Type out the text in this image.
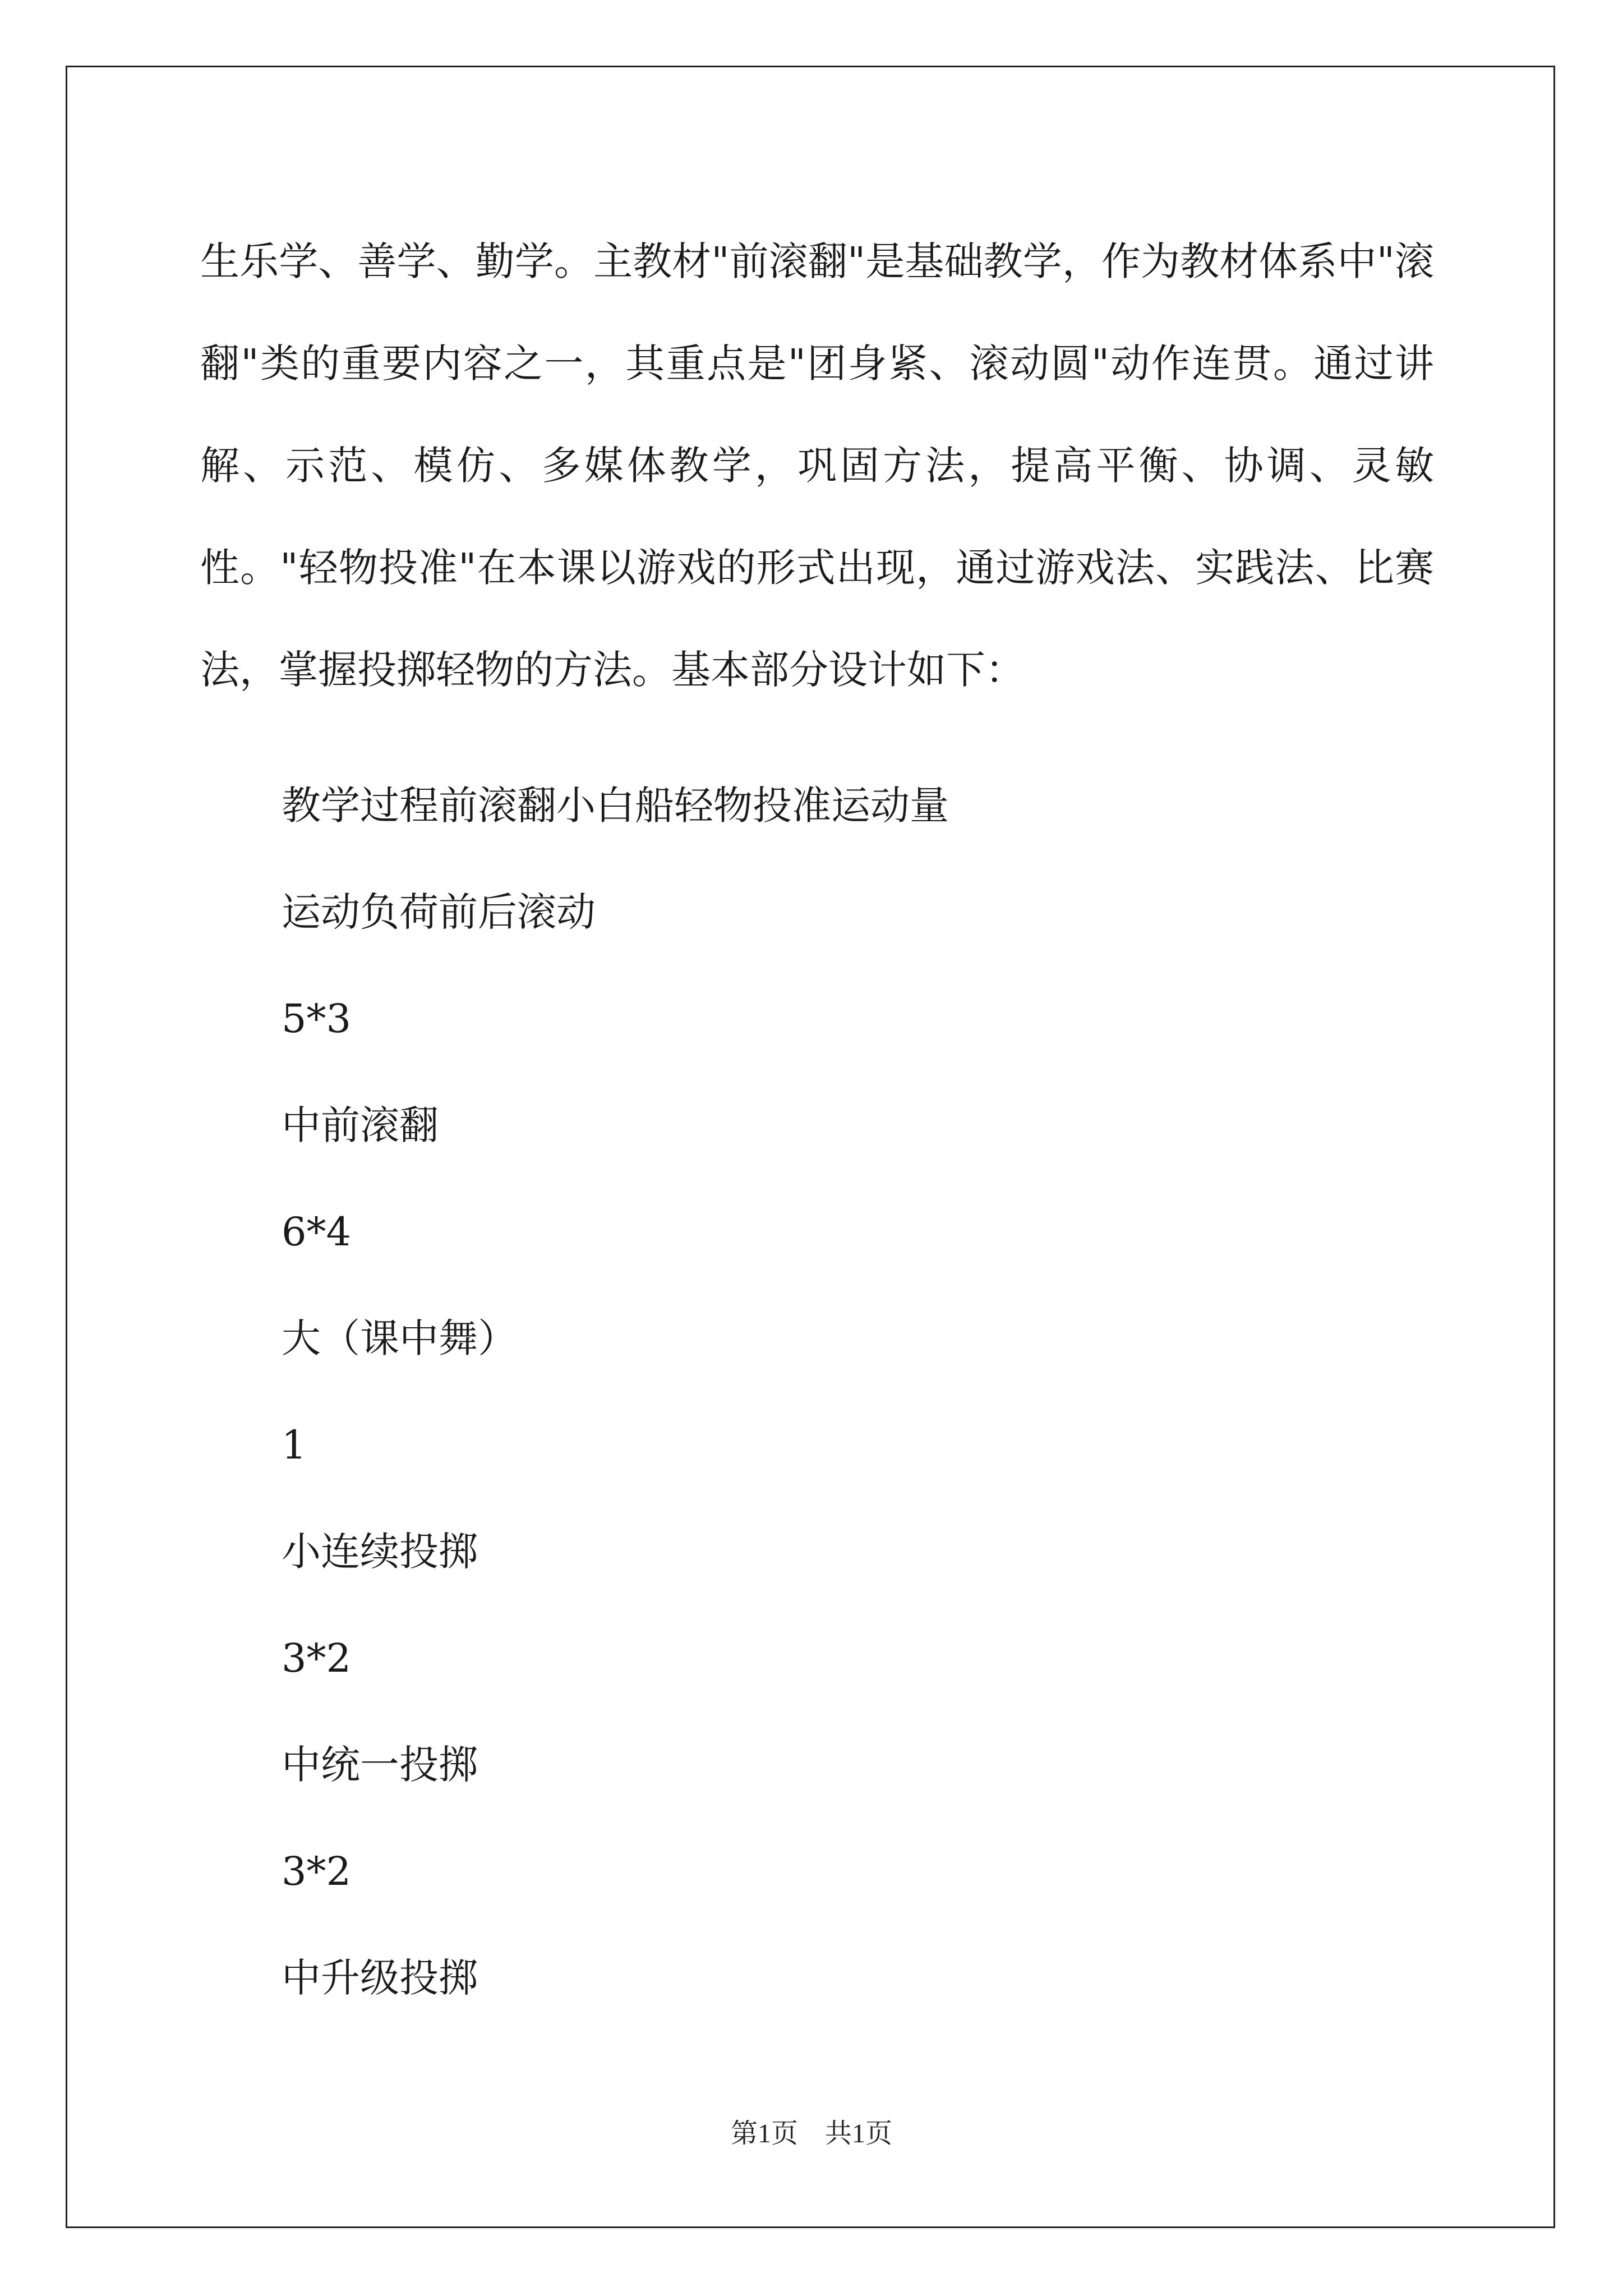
生乐学、善学、勤学。主教材"前滚翻"是基础教学，作为教材体系中"滚翻"类的重要内容之一，其重点是"团身紧、滚动圆"动作连贯。通过讲解、示范、模仿、多媒体教学，巩固方法，提高平衡、协调、灵敏性。"轻物投准"在本课以游戏的形式出现，通过游戏法、实践法、比赛法，掌握投掷轻物的方法。基本部分设计如下：

教学过程前滚翻小白船轻物投准运动量

运动负荷前后滚动

5*3

中前滚翻

6*4

大（课中舞）

1

小连续投掷

3*2

中统一投掷

3*2

中升级投掷

第1页　共1页
